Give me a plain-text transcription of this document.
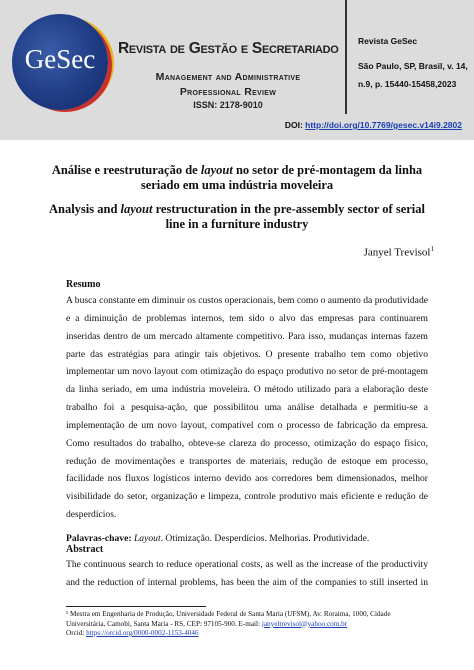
GeSec	Revista de Gestão e Secretariado
Management and Administrative
Professional Review
ISSN: 2178-9010
Revista GeSec
São Paulo, SP, Brasil, v. 14,
n.9, p. 15440-15458,2023
DOI: http://doi.org/10.7769/gesec.v14i9.2802
Análise e reestruturação de layout no setor de pré-montagem da linha seriado em uma indústria moveleira
Analysis and layout restructuration in the pre-assembly sector of serial line in a furniture industry
Janyel Trevisol$^1$
Resumo
A busca constante em diminuir os custos operacionais, bem como o aumento da produtividade
e a diminuição de problemas internos, tem sido o alvo das empresas para continuarem
inseridas dentro de um mercado altamente competitivo. Para isso, mudanças internas fazem
parte das estratégias para atingir tais objetivos. O presente trabalho tem como objetivo
implementar um novo layout com otimização do espaço produtivo no setor de pré-montagem
da linha seriado, em uma indústria moveleira. O método utilizado para a elaboração deste
trabalho foi a pesquisa-ação, que possibilitou uma análise detalhada e permitiu-se a
implementação de um novo layout, compatível com o processo de fabricação da empresa.
Como resultados do trabalho, obteve-se clareza do processo, otimização do espaço físico,
redução de movimentações e transportes de materiais, redução de estoque em processo,
facilidade nos fluxos logísticos interno devido aos corredores bem dimensionados, melhor
visibilidade do setor, organização e limpeza, controle produtivo mais eficiente e redução de
desperdícios.
Palavras-chave: Layout. Otimização. Desperdícios. Melhorias. Produtividade.
Abstract
The continuous search to reduce operational costs, as well as the increase of the productivity
and the reduction of internal problems, has been the aim of the companies to still inserted in
¹ Mestra em Engenharia de Produção, Universidade Federal de Santa Maria (UFSM), Av. Roraima, 1000, Cidade
Universitária, Camobi, Santa Maria - RS, CEP: 97105-900. E-mail: janyeltrevisol@yahoo.com.br
Orcid: https://orcid.org/0000-0002-1153-4046
